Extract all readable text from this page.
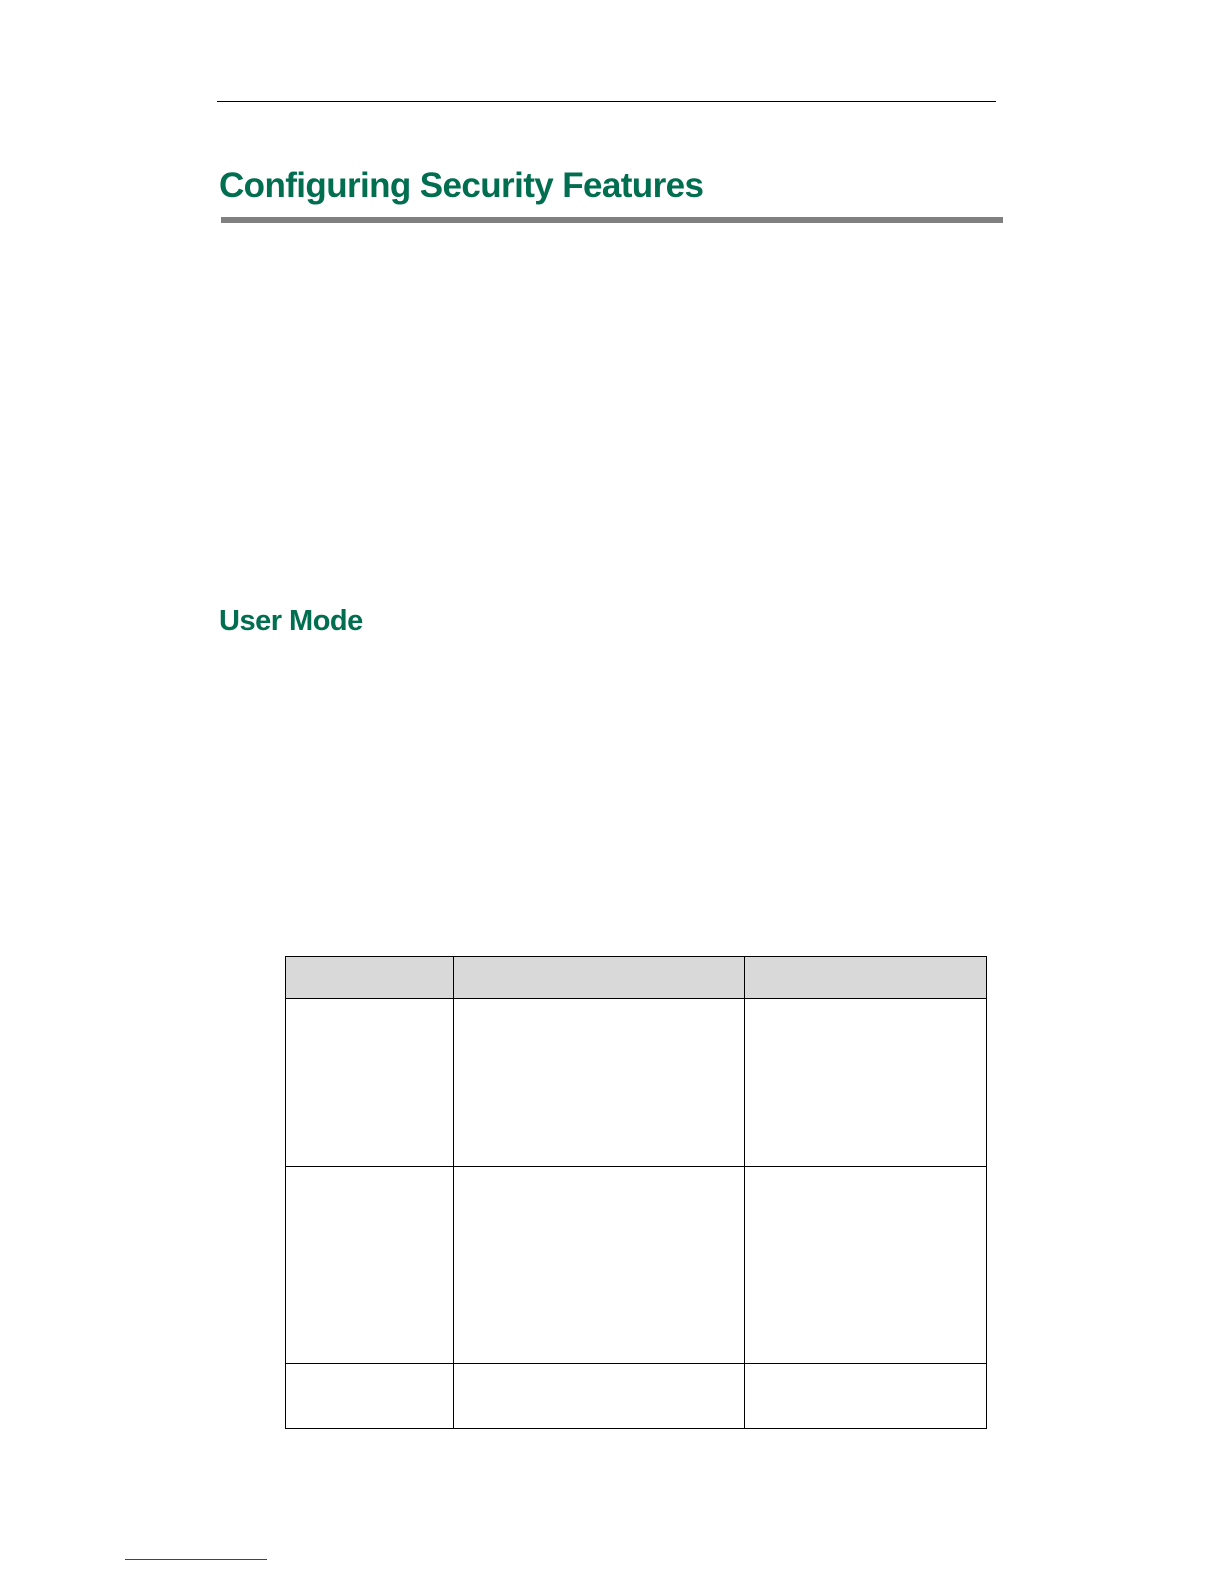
Configuring Security Features
User Mode
